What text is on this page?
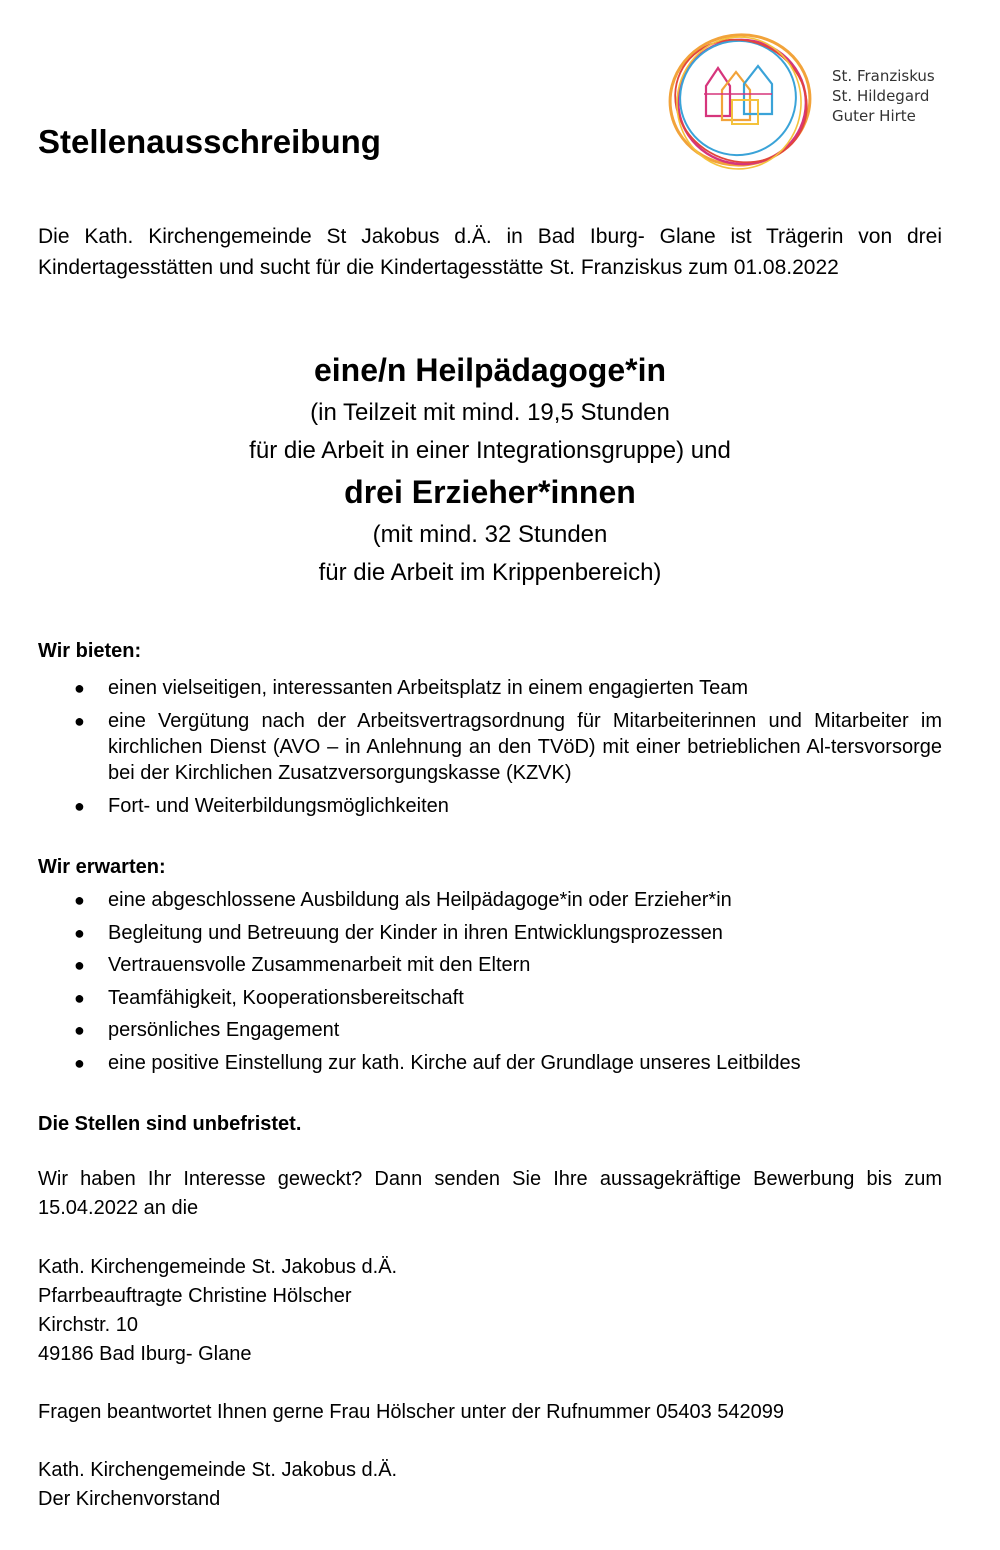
St. Franziskus
St. Hildegard
Guter Hirte
Stellenausschreibung

Die Kath. Kirchengemeinde St Jakobus d.Ä. in Bad Iburg- Glane ist Trägerin von drei Kindertagesstätten und sucht für die Kindertagesstätte St. Franziskus zum 01.08.2022

eine/n Heilpädagoge*in
(in Teilzeit mit mind. 19,5 Stunden
für die Arbeit in einer Integrationsgruppe) und
drei Erzieher*innen
(mit mind. 32 Stunden
für die Arbeit im Krippenbereich)
Wir bieten:
● einen vielseitigen, interessanten Arbeitsplatz in einem engagierten Team
● eine Vergütung nach der Arbeitsvertragsordnung für Mitarbeiterinnen und Mitarbeiter im kirchlichen Dienst (AVO – in Anlehnung an den TVöD) mit einer betrieblichen Al-tersvorsorge bei der Kirchlichen Zusatzversorgungskasse (KZVK)
● Fort- und Weiterbildungsmöglichkeiten
Wir erwarten:
● eine abgeschlossene Ausbildung als Heilpädagoge*in oder Erzieher*in
● Begleitung und Betreuung der Kinder in ihren Entwicklungsprozessen
● Vertrauensvolle Zusammenarbeit mit den Eltern
● Teamfähigkeit, Kooperationsbereitschaft
● persönliches Engagement
● eine positive Einstellung zur kath. Kirche auf der Grundlage unseres Leitbildes
Die Stellen sind unbefristet.

Wir haben Ihr Interesse geweckt? Dann senden Sie Ihre aussagekräftige Bewerbung bis zum 15.04.2022 an die

Kath. Kirchengemeinde St. Jakobus d.Ä.
Pfarrbeauftragte Christine Hölscher
Kirchstr. 10
49186 Bad Iburg- Glane
Fragen beantwortet Ihnen gerne Frau Hölscher unter der Rufnummer 05403 542099
Kath. Kirchengemeinde St. Jakobus d.Ä.
Der Kirchenvorstand
